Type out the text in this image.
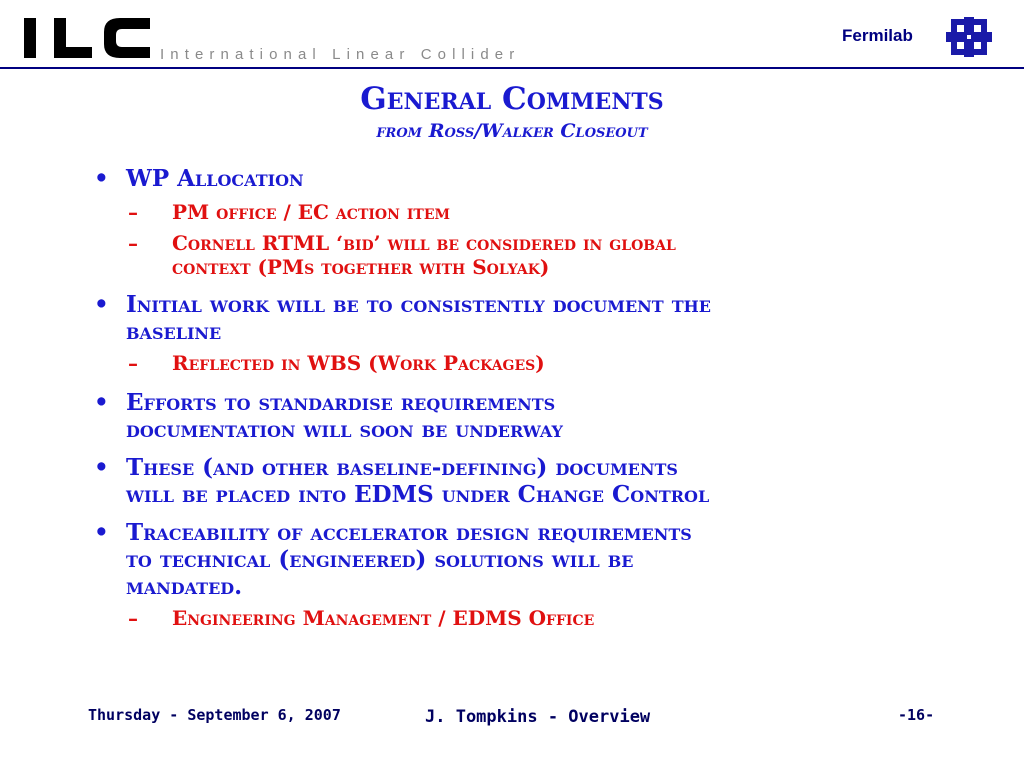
International Linear Collider
Fermilab
General Comments
from Ross/Walker Closeout
• WP Allocation
– PM office / EC action item
– Cornell RTML ‘bid’ will be considered in global
context (PMs together with Solyak)
• Initial work will be to consistently document the
baseline
– Reflected in WBS (Work Packages)
• Efforts to standardise requirements
documentation will soon be underway
• These (and other baseline-defining) documents
will be placed into EDMS under Change Control
• Traceability of accelerator design requirements
to technical (engineered) solutions will be
mandated.
– Engineering Management / EDMS Office
Thursday - September 6, 2007	J. Tompkins - Overview	-16-
